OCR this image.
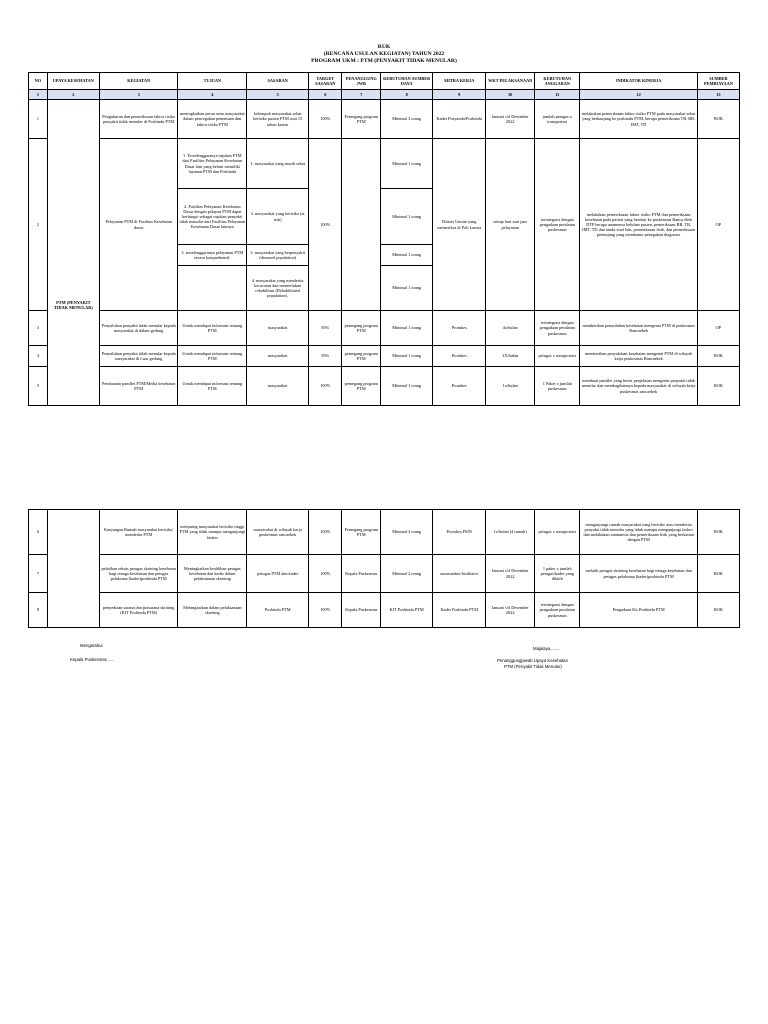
RUK
(RENCANA USULAN KEGIATAN) TAHUN 2022
PROGRAM UKM : PTM (PENYAKIT TIDAK MENULAR)
NO	UPAYA KESEHATAN	KEGIATAN	TUJUAN	SASARAN	TARGET SASARAN	PENANGGUNG JWB	KEBUTUHAN SUMBER DAYA	MITRA KERJA	WKT PELAKSANAAN	KEBUTUHAN ANGGARAN	INDIKATOR KINERJA	SUMBER PEMBIAYAAN
1	2	3	4	5	6	7	8	9	10	11	12	13
1	PTM (PENYAKIT TIDAK MENULAR)	Pengukuran dan pemeriksaan faktor risiko penyakit tidak menular di Posbindu PTM	meningkatkan peran serta masyarakat dalam pencegahan penemuan dini faktor risiko PTM	kelompok masyarakat sehat berisiko pasien PTM usia 15 tahun keatas	100%	Pemegang program PTM	Minimal 3 orang	Kader Posyandu/Posbindu	Januari s/d Desember 2022	jumlah petugas x transportasi	melakukan pemeriksaan faktor risiko PTM pada masyarakat sehat yang berkunjung ke posbindu PTM, berupa pemeriksaan TB, BB, IMT, TD	BOK
2		Pelayanan PTM di Fasilitas Kesehatan dasar	1. Terselenggaranya rujukan PTM dari Fasilitas Pelayanan Kesehatan Dasar lain yang belum memiliki layanan PTM dan Posbindu	1. masyarakat yang masih sehat	100%		Minimal 1 orang	Dokter Umum yang memeriksa di Poli Lansia	setiap hari saat jam pelayanan	terintegrasi dengan pengadaan peralatan puskesmas	melakukan pemeriksaan faktor risiko PTM dan pemeriksaan kesehatan pada pasien yang berobat ke puskesmas Ranca ekek DTP berupa anamnesa keluhan pasien, pemeriksaan BB, TB, IMT, TD dan tanda vital lain, pemeriksaan fisik, dan pemeriksaan penunjang yang membantu penegakan diagnosis	OP
			2. Fasilitas Pelayanan Kesehatan Dasar dengan pelayan PTM dapat berfungsi sebagai rujukan penyakit tidak menular dari Fasilitas Pelayanan Kesehatan Dasar lainnya	2. masyarakat yang berisiko (at risk)			Minimal 1 orang					
			3. terselenggaranya pelayanan PTM secara komprehensif.	3. masyarakat yang berpenyakit (diseased population)			Minimal 1 orang					
				4. masyarakat yang menderita kecacatan dan memerlukan rehabilitasi (Rehabilitated population).			Minimal 1 orang					
3		Penyuluhan penyakit tidak menular kepada masyarakat di dalam gedung	Untuk mendapat informasi tentang PTM	masyarakat	85%	pemegang program PTM	Minimal 1 orang	Promkes	4x/bulan	terintegrasi dengan pengadaan peralatan puskesmas	memberikan penyuluhan kesehatan mengenai PTM di puskesmas Rancaekek	OP
4		Penyuluhan penyakit tidak menular kepada masyarakat di Luar gedung	Untuk mendapat informasi tentang PTM	masyarakat	85%	pemegang program PTM	Minimal 1 orang	Promkes	2X/bulan	petugas x transportasi	memberikan penyuluhan kesehatan mengenai PTM di wilayah kerja puskesmas Rancaekek	BOK
5		Pembuatan pamflet PTM/Media kesehatan PTM	Untuk mendapat informasi tentang PTM	masyarakat	100%	pemegang program PTM	Minimal 1 orang	Promkes	1x/bulan	1 Paket x jumlah puskesmas	membuat pamflet yang berisi penjelasan mengenai penyakit tidak menular dan membagikannya kepada masyarakat di wilayah kerja puskesmas rancaekek	BOK
6		Kunjungan Rumah masyarakat berisiko/ menderita PTM	menjaring masyarakat berisiko tinggi PTM yang tidak mampu mengunjungi faskes	masyarakat di wilayah kerja puskesmas rancaekek	100%	Pemegang program PTM	Minimal 2 orang	Promkes,PSIN	1x/bulan (4 rumah)	petugas x transportasi	mengunjungi rumah masyarakat yang berisiko atau menderita penyakit tidak menular yang tidak mampu mengunjungi faskes dan melakukan anamnesis dan pemeriksaan fisik yang berkaitan dengan PTM	BOK
7		pelatihan teknis petugas skrining kesehatan bagi tenaga kesehatan dan petugas pelaksana (kader)posbindu PTM	Meningkatkan keahlihan petugas kesehatan dan kader dalam pelaksanaan skrening	petugas PTM dan kader	100%	Kepala Puskesmas	Minimal 2 orang	narasumber/fasilitator	Januari s/d Desember 2022	1 paket x jumlah petugas/kader yang dilatih	melatih petugas skrining kesehatan bagi tenaga kesehatan dan petugas pelaksana (kader)posbindu PTM	BOK
8		penyediaan sarana dan prasarana skrining (KIT Posbindu PTM)	Meningkatkan dalam pelaksanaan skrening	Posbindu PTM	100%	Kepala Puskesmas	KIT Posbindu PTM	Kader Posbindu PTM	Januari s/d Desember 2022	terintegrasi dengan pengadaan peralatan puskesmas	Pengadaan Kit Posbindu PTM	BOK
Mengetahui
Kepala Puskesmas .....
Majalaya,.......
Penanggungjawab Upaya Kesehatan
PTM (Penyakit Tidak Menular)
